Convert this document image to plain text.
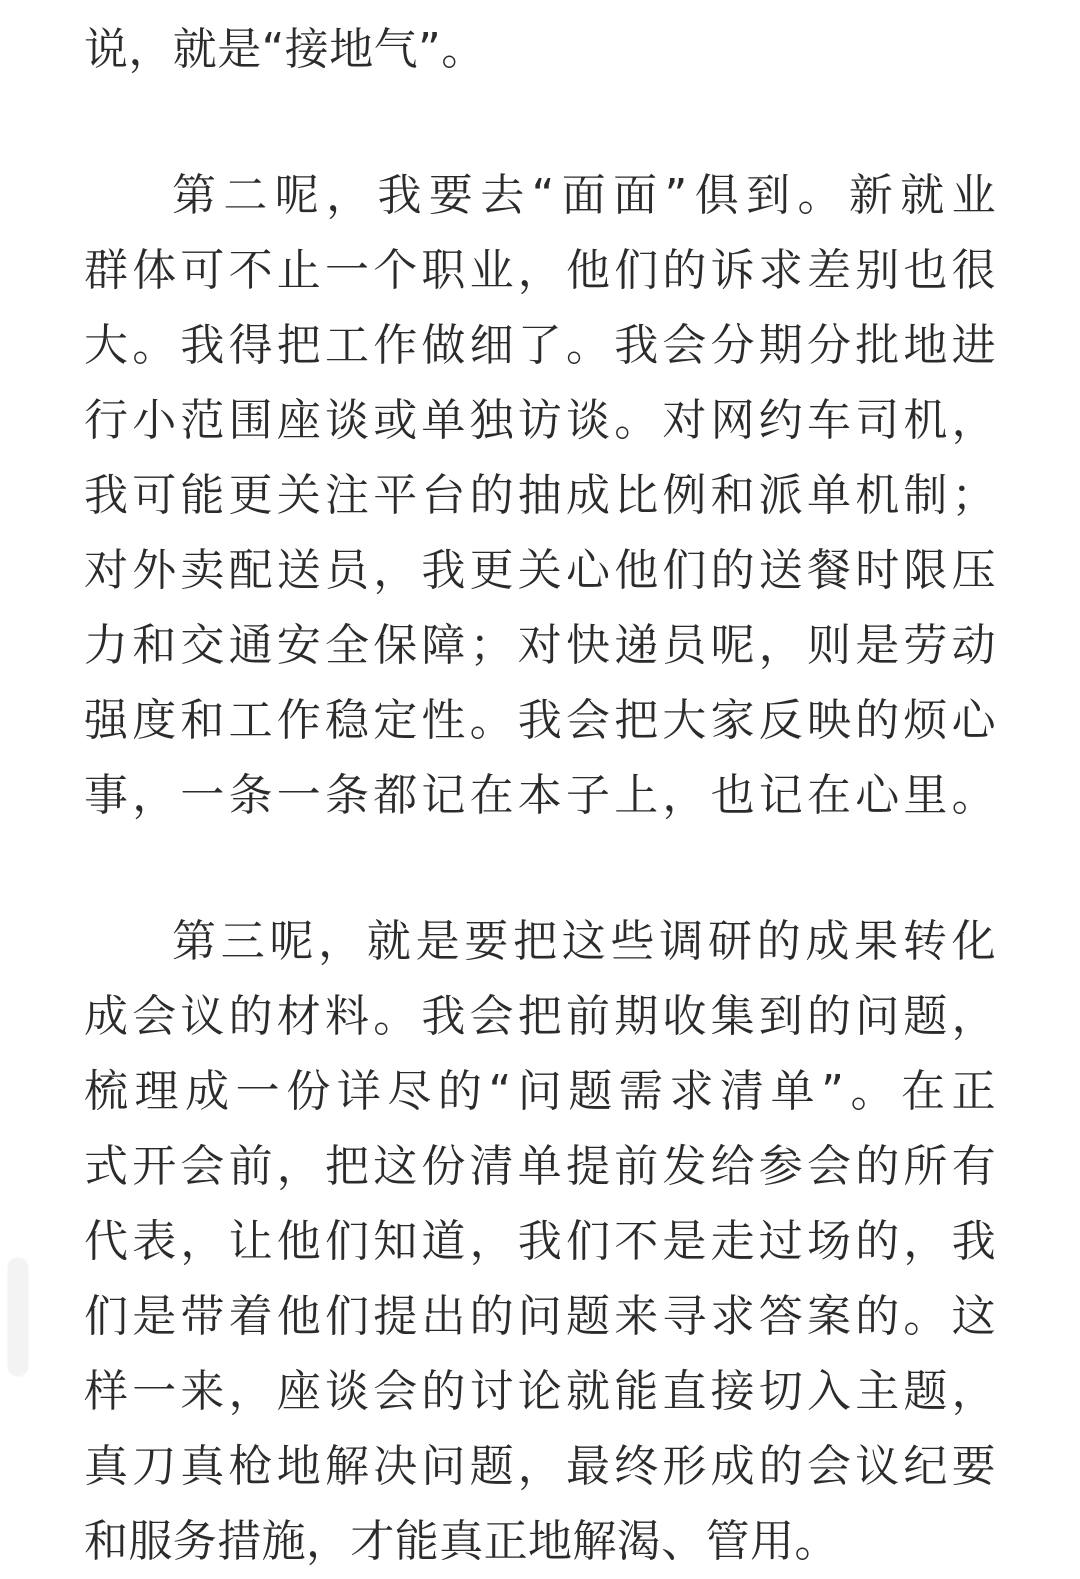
说，就是“接地气”。
第二呢，我要去“面面”俱到。新就业
群体可不止一个职业，他们的诉求差别也很
大。我得把工作做细了。我会分期分批地进
行小范围座谈或单独访谈。对网约车司机，
我可能更关注平台的抽成比例和派单机制；
对外卖配送员，我更关心他们的送餐时限压
力和交通安全保障；对快递员呢，则是劳动
强度和工作稳定性。我会把大家反映的烦心
事，一条一条都记在本子上，也记在心里。
第三呢，就是要把这些调研的成果转化
成会议的材料。我会把前期收集到的问题，
梳理成一份详尽的“问题需求清单”。在正
式开会前，把这份清单提前发给参会的所有
代表，让他们知道，我们不是走过场的，我
们是带着他们提出的问题来寻求答案的。这
样一来，座谈会的讨论就能直接切入主题，
真刀真枪地解决问题，最终形成的会议纪要
和服务措施，才能真正地解渴、管用。
